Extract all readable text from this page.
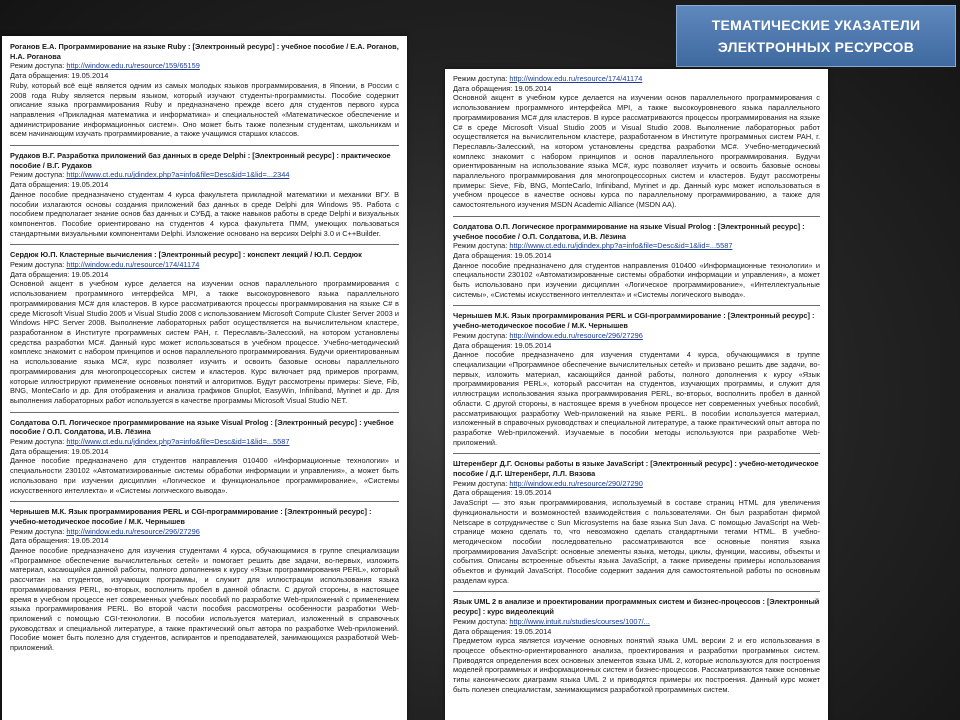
ТЕМАТИЧЕСКИЕ УКАЗАТЕЛИ
ЭЛЕКТРОННЫХ РЕСУРСОВ
Роганов Е.А. Программирование на языке Ruby : [Электронный ресурс] : учебное пособие / Е.А. Роганов, Н.А. Роганова
Режим доступа: http://window.edu.ru/resource/159/65159
Дата обращения: 19.05.2014
Ruby, который всё ещё является одним из самых молодых языков программирования, в Японии, в России с 2008 года Ruby является первым языком, который изучают студенты-программисты. Пособие содержит описание языка программирования Ruby и предназначено прежде всего для студентов первого курса направления «Прикладная математика и информатика» и специальностей «Математическое обеспечение и администрирование информационных систем». Оно может быть также полезным студентам, школьникам и всем начинающим изучать программирование, а также учащимся старших классов.
Рудаков В.Г. Разработка приложений баз данных в среде Delphi : [Электронный ресурс] : практическое пособие / В.Г. Рудаков
Режим доступа: http://www.ct.edu.ru/jdindex.php?a=info&file=Desc&id=1&lid=...2344
Дата обращения: 19.05.2014
Данное пособие предназначено студентам 4 курса факультета прикладной математики и механики ВГУ. В пособии излагаются основы создания приложений баз данных в среде Delphi для Windows 95. Работа с пособием предполагает знание основ баз данных и СУБД, а также навыков работы в среде Delphi и визуальных компонентов. Пособие ориентировано на студентов 4 курса факультета ПММ, умеющих пользоваться стандартными визуальными компонентами Delphi. Изложение основано на версиях Delphi 3.0 и C++Builder.
Сердюк Ю.П. Кластерные вычисления : [Электронный ресурс] : конспект лекций / Ю.П. Сердюк
Режим доступа: http://window.edu.ru/resource/174/41174
Дата обращения: 19.05.2014
Основной акцент в учебном курсе делается на изучении основ параллельного программирования с использованием программного интерфейса MPI, а также высокоуровневого языка параллельного программирования MC# для кластеров. В курсе рассматриваются процессы программирования на языке C# в среде Microsoft Visual Studio 2005 и Visual Studio 2008 с использованием Microsoft Compute Cluster Server 2003 и Windows HPC Server 2008. Выполнение лабораторных работ осуществляется на вычислительном кластере, разработанном в Институте программных систем РАН, г. Переславль-Залесский, на котором установлены средства разработки MC#. Данный курс может использоваться в учебном процессе. Учебно-методический комплекс знакомит с набором принципов и основ параллельного программирования. Будучи ориентированным на использование языка MC#, курс позволяет изучить и освоить базовые основы параллельного программирования для многопроцессорных систем и кластеров. Курс включает ряд примеров программ, которые иллюстрируют применение основных понятий и алгоритмов. Будут рассмотрены примеры: Sieve, Fib, BNG, MonteCarlo и др. Для отображения и анализа графиков Gnuplot, EasyWin, Infiniband, Myrinet и др. Для выполнения лабораторных работ используется в качестве программы Microsoft Visual Studio NET.
Солдатова О.П. Логическое программирование на языке Visual Prolog : [Электронный ресурс] : учебное пособие / О.П. Солдатова, И.В. Лёзина
Режим доступа: http://www.ct.edu.ru/jdindex.php?a=info&file=Desc&id=1&lid=...5587
Дата обращения: 19.05.2014
Данное пособие предназначено для студентов направления 010400 «Информационные технологии» и специальности 230102 «Автоматизированные системы обработки информации и управления», а может быть использовано при изучении дисциплин «Логическое и функциональное программирование», «Системы искусственного интеллекта» и «Системы логического вывода».
Чернышев М.К. Язык программирования PERL и CGI-программирование : [Электронный ресурс] : учебно-методическое пособие / М.К. Чернышев
Режим доступа: http://window.edu.ru/resource/296/27296
Дата обращения: 19.05.2014
Данное пособие предназначено для изучения студентами 4 курса, обучающимися в группе специализации «Программное обеспечение вычислительных сетей» и помогает решить две задачи, во-первых, изложить материал, касающийся данной работы, полного дополнения к курсу «Язык программирования PERL», который рассчитан на студентов, изучающих программы, и служит для иллюстрации использования языка программирования PERL, во-вторых, восполнить пробел в данной области. С другой стороны, в настоящее время в учебном процессе нет современных учебных пособий по разработке Web-приложений с применением языка программирования PERL. Во второй части пособия рассмотрены особенности разработки Web-приложений с помощью CGI-технологии. В пособии используется материал, изложенный в справочных руководствах и специальной литературе, а также практический опыт автора по разработке Web-приложений. Пособие может быть полезно для студентов, аспирантов и преподавателей, занимающихся разработкой Web-приложений.
Режим доступа: http://window.edu.ru/resource/174/41174
Дата обращения: 19.05.2014
Основной акцент в учебном курсе делается на изучении основ параллельного программирования с использованием программного интерфейса MPI, а также высокоуровневого языка параллельного программирования MC# для кластеров. В курсе рассматриваются процессы программирования на языке C# в среде Microsoft Visual Studio 2005 и Visual Studio 2008. Выполнение лабораторных работ осуществляется на вычислительном кластере, разработанном в Институте программных систем РАН, г. Переславль-Залесский, на котором установлены средства разработки MC#. Учебно-методический комплекс знакомит с набором принципов и основ параллельного программирования. Будучи ориентированным на использование языка MC#, курс позволяет изучить и освоить базовые основы параллельного программирования для многопроцессорных систем и кластеров. Будут рассмотрены примеры: Sieve, Fib, BNG, MonteCarlo, Infiniband, Myrinet и др. Данный курс может использоваться в учебном процессе в качестве основы курса по параллельному программированию, а также для самостоятельного изучения MSDN Academic Alliance (MSDN AA).
Солдатова О.П. Логическое программирование на языке Visual Prolog : [Электронный ресурс] : учебное пособие / О.П. Солдатова, И.В. Лёзина
Режим доступа: http://www.ct.edu.ru/jdindex.php?a=info&file=Desc&id=1&lid=...5587
Дата обращения: 19.05.2014
Данное пособие предназначено для студентов направления 010400 «Информационные технологии» и специальности 230102 «Автоматизированные системы обработки информации и управления», а может быть использовано при изучении дисциплин «Логическое программирование», «Интеллектуальные системы», «Системы искусственного интеллекта» и «Системы логического вывода».
Чернышев М.К. Язык программирования PERL и CGI-программирование : [Электронный ресурс] : учебно-методическое пособие / М.К. Чернышев
Режим доступа: http://window.edu.ru/resource/296/27296
Дата обращения: 19.05.2014
Данное пособие предназначено для изучения студентами 4 курса, обучающимися в группе специализации «Программное обеспечение вычислительных сетей» и призвано решить две задачи, во-первых, изложить материал, касающийся данной работы, полного дополнения к курсу «Язык программирования PERL», который рассчитан на студентов, изучающих программы, и служит для иллюстрации использования языка программирования PERL, во-вторых, восполнить пробел в данной области. С другой стороны, в настоящее время в учебном процессе нет современных учебных пособий, рассматривающих разработку Web-приложений на языке PERL. В пособии используется материал, изложенный в справочных руководствах и специальной литературе, а также практический опыт автора по разработке Web-приложений. Изучаемые в пособии методы используются при разработке Web-приложений.
Штеренберг Д.Г. Основы работы в языке JavaScript : [Электронный ресурс] : учебно-методическое пособие / Д.Г. Штеренберг, Л.Л. Вязова
Режим доступа: http://window.edu.ru/resource/290/27290
Дата обращения: 19.05.2014
JavaScript — это язык программирования, используемый в составе страниц HTML для увеличения функциональности и возможностей взаимодействия с пользователями. Он был разработан фирмой Netscape в сотрудничестве с Sun Microsystems на базе языка Sun Java. С помощью JavaScript на Web-странице можно сделать то, что невозможно сделать стандартными тегами HTML. В учебно-методическом пособии последовательно рассматриваются все основные понятия языка программирования JavaScript: основные элементы языка, методы, циклы, функции, массивы, объекты и события. Описаны встроенные объекты языка JavaScript, а также приведены примеры использования объектов и функций JavaScript. Пособие содержит задания для самостоятельной работы по основным разделам курса.
Язык UML 2 в анализе и проектировании программных систем и бизнес-процессов : [Электронный ресурс] : курс видеолекций
Режим доступа: http://www.intuit.ru/studies/courses/1007/...
Дата обращения: 19.05.2014
Предметом курса является изучение основных понятий языка UML версии 2 и его использования в процессе объектно-ориентированного анализа, проектирования и разработки программных систем. Приводятся определения всех основных элементов языка UML 2, которые используются для построения моделей программных и информационных систем и бизнес-процессов. Рассматриваются также основные типы канонических диаграмм языка UML 2 и приводятся примеры их построения. Данный курс может быть полезен специалистам, занимающимся разработкой программных систем.
